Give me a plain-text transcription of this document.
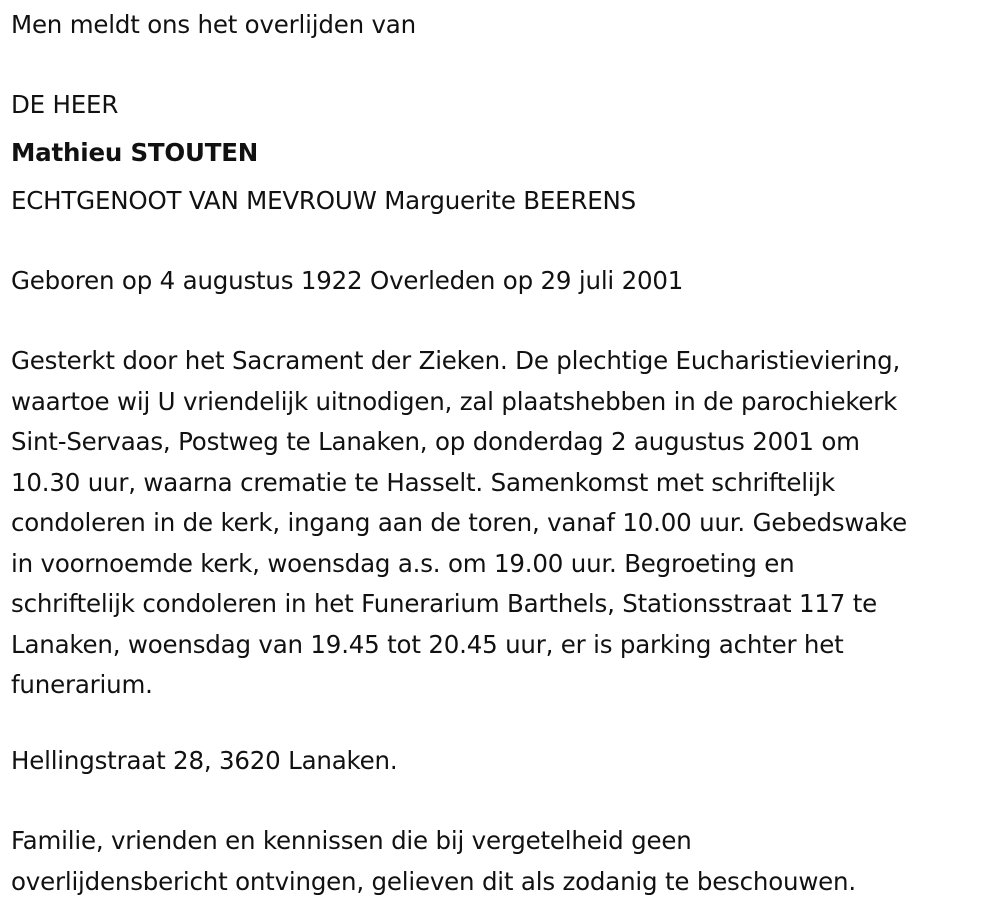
Men meldt ons het overlijden van

DE HEER

Mathieu STOUTEN

ECHTGENOOT VAN MEVROUW Marguerite BEERENS

Geboren op 4 augustus 1922 Overleden op 29 juli 2001

Gesterkt door het Sacrament der Zieken. De plechtige Eucharistieviering,
waartoe wij U vriendelijk uitnodigen, zal plaatshebben in de parochiekerk
Sint-Servaas, Postweg te Lanaken, op donderdag 2 augustus 2001 om
10.30 uur, waarna crematie te Hasselt. Samenkomst met schriftelijk
condoleren in de kerk, ingang aan de toren, vanaf 10.00 uur. Gebedswake
in voornoemde kerk, woensdag a.s. om 19.00 uur. Begroeting en
schriftelijk condoleren in het Funerarium Barthels, Stationsstraat 117 te
Lanaken, woensdag van 19.45 tot 20.45 uur, er is parking achter het
funerarium.

Hellingstraat 28, 3620 Lanaken.

Familie, vrienden en kennissen die bij vergetelheid geen
overlijdensbericht ontvingen, gelieven dit als zodanig te beschouwen.
